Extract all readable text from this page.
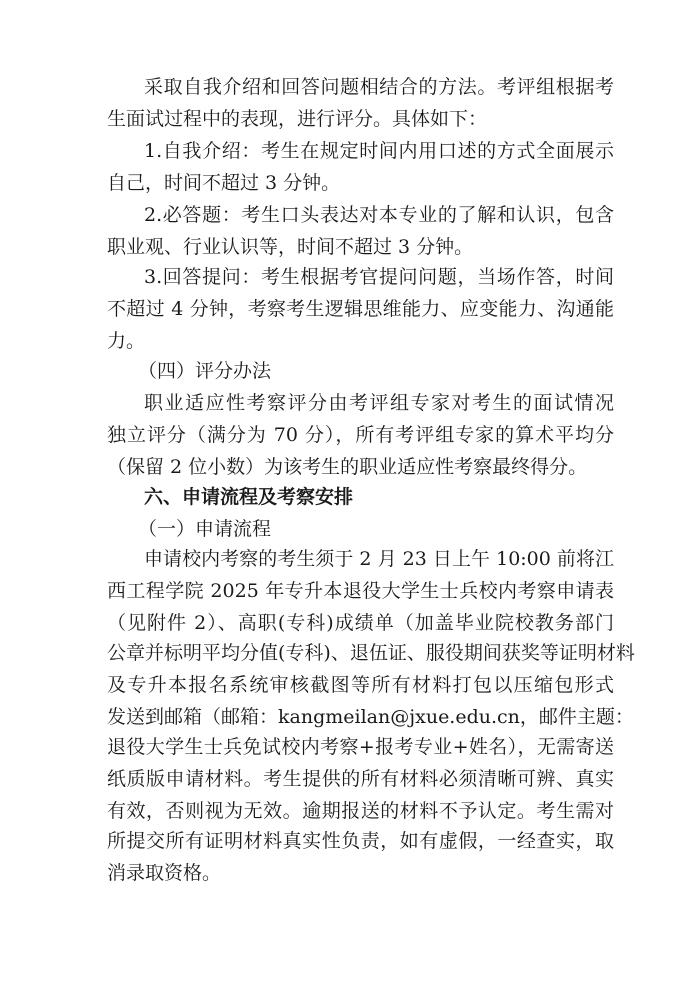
采取自我介绍和回答问题相结合的方法。考评组根据考
生面试过程中的表现，进行评分。具体如下：
1.自我介绍：考生在规定时间内用口述的方式全面展示
自己，时间不超过 3 分钟。
2.必答题：考生口头表达对本专业的了解和认识，包含
职业观、行业认识等，时间不超过 3 分钟。
3.回答提问：考生根据考官提问问题，当场作答，时间
不超过 4 分钟，考察考生逻辑思维能力、应变能力、沟通能
力。
（四）评分办法
职业适应性考察评分由考评组专家对考生的面试情况
独立评分（满分为 70 分），所有考评组专家的算术平均分
（保留 2 位小数）为该考生的职业适应性考察最终得分。
六、申请流程及考察安排
（一）申请流程
申请校内考察的考生须于 2 月 23 日上午 10:00 前将江
西工程学院 2025 年专升本退役大学生士兵校内考察申请表
（见附件 2）、高职(专科)成绩单（加盖毕业院校教务部门
公章并标明平均分值(专科)、退伍证、服役期间获奖等证明材料
及专升本报名系统审核截图等所有材料打包以压缩包形式
发送到邮箱（邮箱：kangmeilan@jxue.edu.cn，邮件主题：
退役大学生士兵免试校内考察+报考专业+姓名），无需寄送
纸质版申请材料。考生提供的所有材料必须清晰可辨、真实
有效，否则视为无效。逾期报送的材料不予认定。考生需对
所提交所有证明材料真实性负责，如有虚假，一经查实，取
消录取资格。
